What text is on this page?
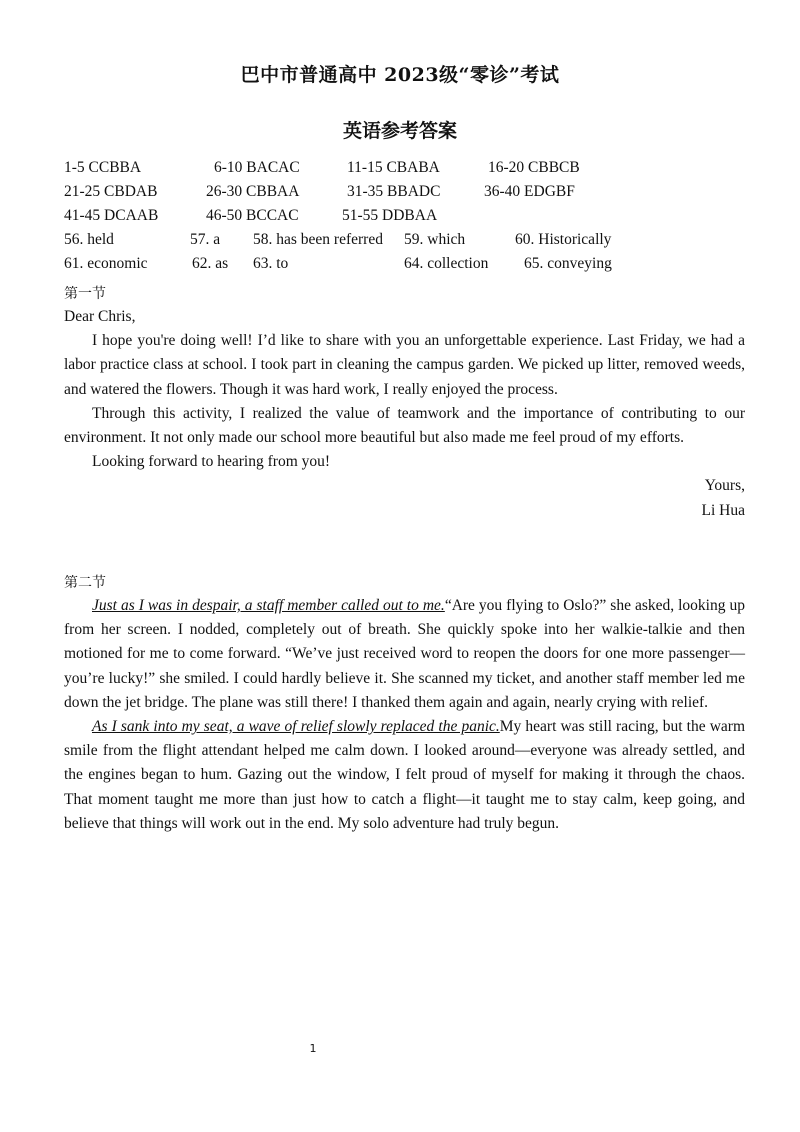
巴中市普通高中 2023级“零诊”考试
英语参考答案
1-5 CCBBA	6-10 BACAC	11-15 CBABA	16-20 CBBCB
21-25 CBDAB	26-30 CBBAA	31-35 BBADC	36-40 EDGBF
41-45 DCAAB	46-50 BCCAC	51-55 DDBAA
56. held	57. a 58. has been referred 59. which	60. Historically
61. economic	62. as 63. to	64. collection 65. conveying
第一节

Dear Chris,

I hope you're doing well! I’d like to share with you an unforgettable experience. Last Friday, we had a labor practice class at school. I took part in cleaning the campus garden. We picked up litter, removed weeds, and watered the flowers. Though it was hard work, I really enjoyed the process.

Through this activity, I realized the value of teamwork and the importance of contributing to our environment. It not only made our school more beautiful but also made me feel proud of my efforts.

Looking forward to hearing from you!

Yours,

Li Hua

第二节

Just as I was in despair, a staff member called out to me.“Are you flying to Oslo?” she asked, looking up from her screen. I nodded, completely out of breath. She quickly spoke into her walkie-talkie and then motioned for me to come forward. “We’ve just received word to reopen the doors for one more passenger—you’re lucky!” she smiled. I could hardly believe it. She scanned my ticket, and another staff member led me down the jet bridge. The plane was still there! I thanked them again and again, nearly crying with relief.

As I sank into my seat, a wave of relief slowly replaced the panic.My heart was still racing, but the warm smile from the flight attendant helped me calm down. I looked around—everyone was already settled, and the engines began to hum. Gazing out the window, I felt proud of myself for making it through the chaos. That moment taught me more than just how to catch a flight—it taught me to stay calm, keep going, and believe that things will work out in the end. My solo adventure had truly begun.

1
